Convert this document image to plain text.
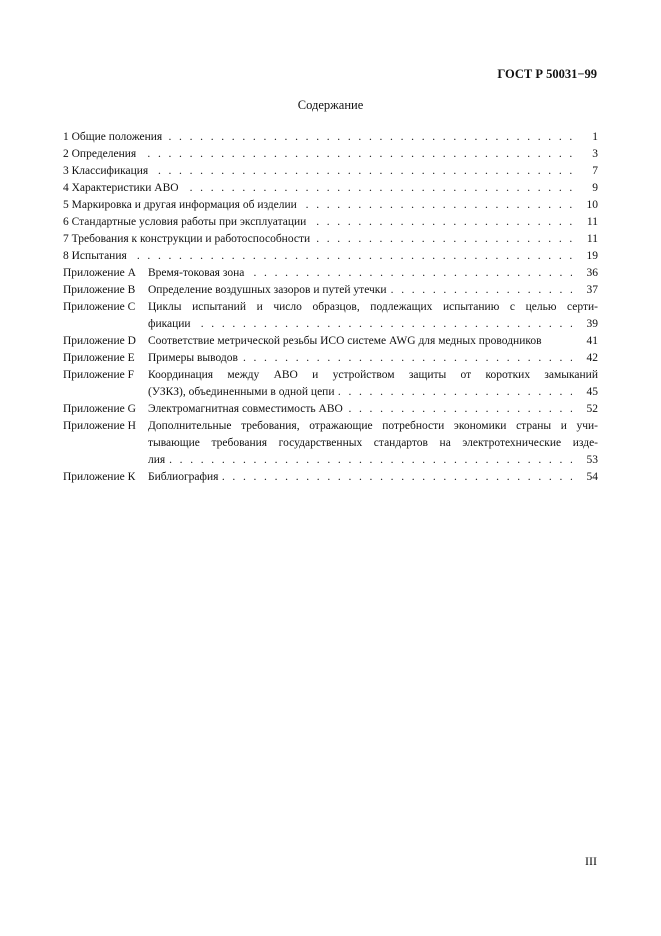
ГОСТ Р 50031−99
Содержание
. . . 1 Общие положения	1
. . . 2 Определения	3
. . . 3 Классификация	7
. . . 4 Характеристики АВО	9
. . . 5 Маркировка и другая информация об изделии	10
. . . 6 Стандартные условия работы при эксплуатации	11
. . . 7 Требования к конструкции и работоспособности	11
. . . 8 Испытания	19
Приложение А	. . . Время-токовая зона	36
Приложение В	. . . Определение воздушных зазоров и путей утечки	37
Приложение С	Циклы испытаний и число образцов, подлежащих испытанию с целью серти-
. . . фикации	39
Приложение D	Соответствие метрической резьбы ИСО системе AWG для медных проводников	41
Приложение Е	. . . Примеры выводов	42
Приложение F	Координация между АВО и устройством защиты от коротких замыканий
. . . (УЗКЗ), объединенными в одной цепи	45
Приложение G	. . . Электромагнитная совместимость АВО	52
Приложение Н	Дополнительные требования, отражающие потребности экономики страны и учи-
тывающие требования государственных стандартов на электротехнические изде-
. . . лия	53
Приложение К	. . . Библиография	54
III
